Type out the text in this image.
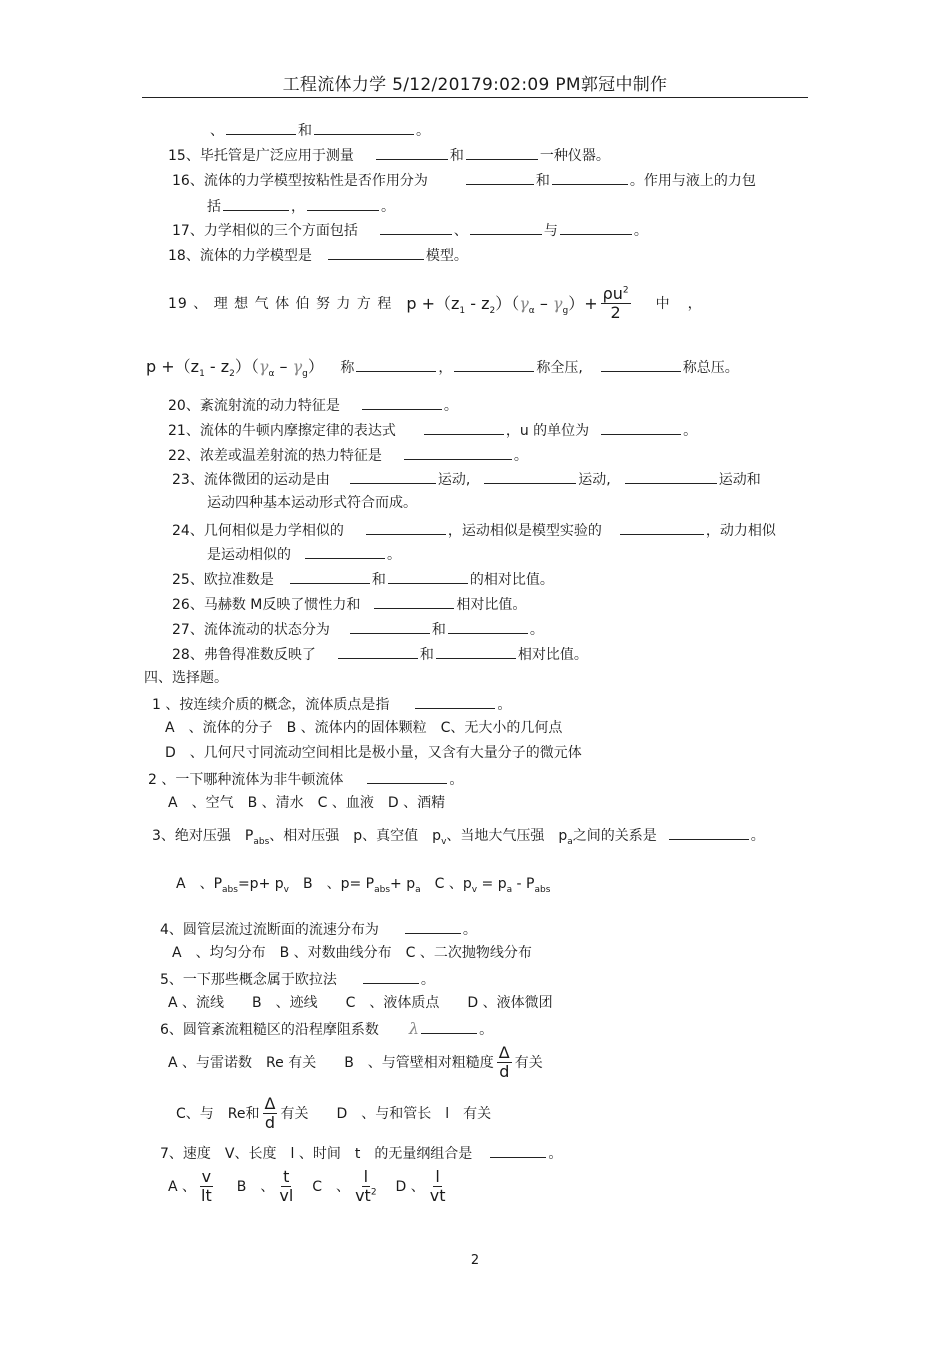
工程流体力学 5/12/20179:02:09 PM郭冠中制作
、	和	。
15、毕托管是广泛应用于测量	和	一种仪器。
16、流体的力学模型按粘性是否作用分为	和	。作用与液上的力包
括	，	。
17、力学相似的三个方面包括	、	与	。
18、流体的力学模型是	模型。
19 、 理 想 气 体 伯 努 力 方 程 $p +(z_1 - z_2)(\gamma_\alpha - \gamma_g)+ \frac{\rho u^2}{2}$ 中 ，
$p +(z_1 - z_2)(\gamma_\alpha - \gamma_g)$ 称	，	称全压,	称总压。
20、紊流射流的动力特征是	。
21、流体的牛顿内摩擦定律的表达式	，u 的单位为	。
22、浓差或温差射流的热力特征是	。
23、流体微团的运动是由	运动,	运动,	运动和
运动四种基本运动形式符合而成。
24、几何相似是力学相似的	，运动相似是模型实验的	，动力相似
是运动相似的	。
25、欧拉准数是	和	的相对比值。
26、马赫数 M反映了惯性力和	相对比值。
27、流体流动的状态分为	和	。
28、弗鲁得准数反映了	和	相对比值。
四、选择题。
1 、按连续介质的概念，流体质点是指	。
A　、流体的分子　B 、流体内的固体颗粒　C、无大小的几何点
D　、几何尺寸同流动空间相比是极小量，又含有大量分子的微元体
2 、一下哪种流体为非牛顿流体	。
A　、空气　B 、清水　C 、血液　D 、酒精
3、绝对压强　$P_{abs}$、相对压强　p、真空值　$p_v$、当地大气压强　$p_a$之间的关系是	。
A　、$P_{abs}=p+ p_v$　B　、$p= P_{abs}+ p_a$　C 、$p_v = p_a - P_{abs}$
4、圆管层流过流断面的流速分布为	。
A　、均匀分布　B 、对数曲线分布　C 、二次抛物线分布
5、一下那些概念属于欧拉法	。
A 、流线　　B　、迹线　　C　、液体质点　　D 、液体微团
6、圆管紊流粗糙区的沿程摩阻系数 λ	。
A 、与雷诺数　Re 有关　　B　、与管壁相对粗糙度 $\frac{\Delta}{d}$ 有关
C、与　Re和 $\frac{\Delta}{d}$ 有关　　D　、与和管长　l　有关
7、速度　V、长度　l 、时间　t　的无量纲组合是	。
A 、 $\frac{v}{lt}$ B　、 $\frac{t}{vl}$ C　、 $\frac{l}{vt^2}$ D 、 $\frac{l}{vt}$
2
